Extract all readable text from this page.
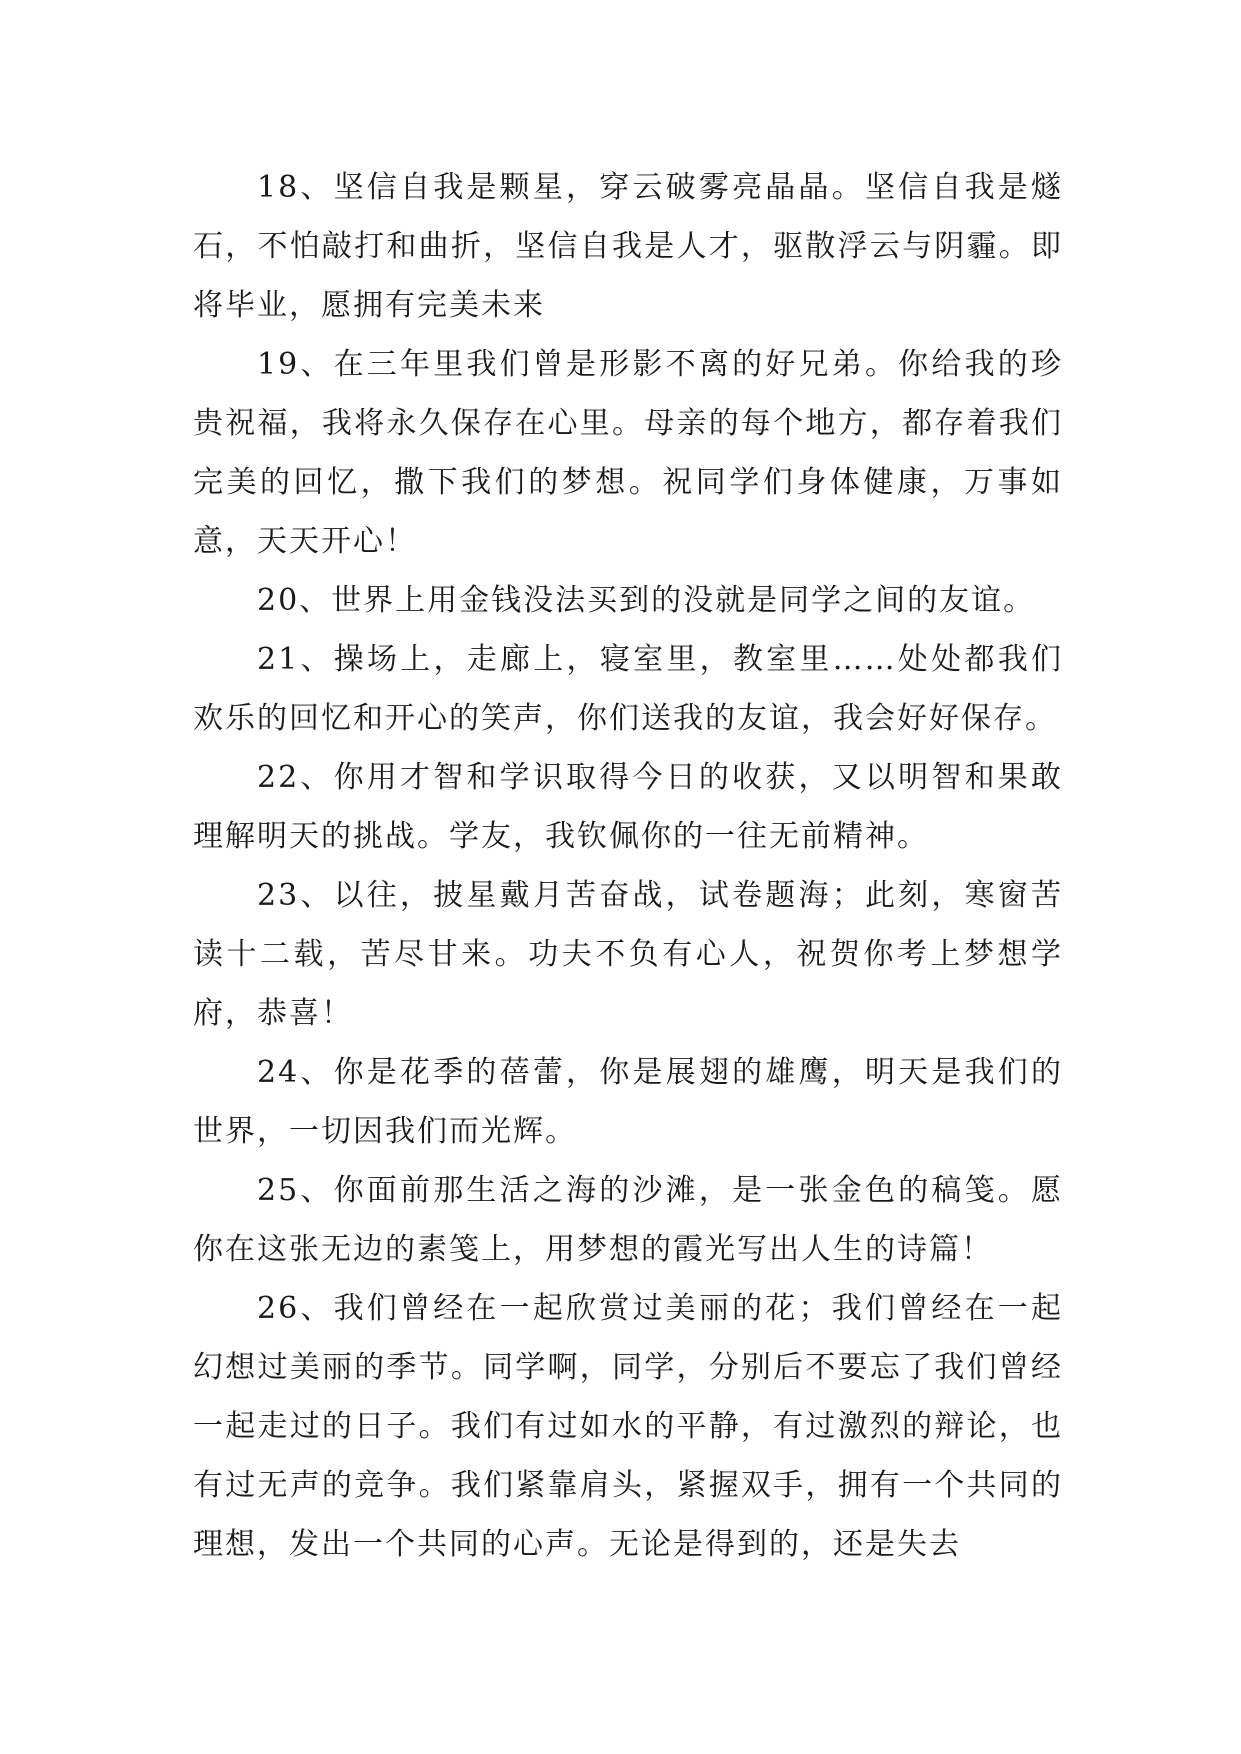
18、坚信自我是颗星，穿云破雾亮晶晶。坚信自我是燧石，不怕敲打和曲折，坚信自我是人才，驱散浮云与阴霾。即将毕业，愿拥有完美未来

19、在三年里我们曾是形影不离的好兄弟。你给我的珍贵祝福，我将永久保存在心里。母亲的每个地方，都存着我们完美的回忆，撒下我们的梦想。祝同学们身体健康，万事如意，天天开心！

20、世界上用金钱没法买到的没就是同学之间的友谊。

21、操场上，走廊上，寝室里，教室里……处处都我们欢乐的回忆和开心的笑声，你们送我的友谊，我会好好保存。

22、你用才智和学识取得今日的收获，又以明智和果敢理解明天的挑战。学友，我钦佩你的一往无前精神。

23、以往，披星戴月苦奋战，试卷题海；此刻，寒窗苦读十二载，苦尽甘来。功夫不负有心人，祝贺你考上梦想学府，恭喜！

24、你是花季的蓓蕾，你是展翅的雄鹰，明天是我们的世界，一切因我们而光辉。

25、你面前那生活之海的沙滩，是一张金色的稿笺。愿你在这张无边的素笺上，用梦想的霞光写出人生的诗篇！

26、我们曾经在一起欣赏过美丽的花；我们曾经在一起幻想过美丽的季节。同学啊，同学，分别后不要忘了我们曾经一起走过的日子。我们有过如水的平静，有过激烈的辩论，也有过无声的竞争。我们紧靠肩头，紧握双手，拥有一个共同的理想，发出一个共同的心声。无论是得到的，还是失去
